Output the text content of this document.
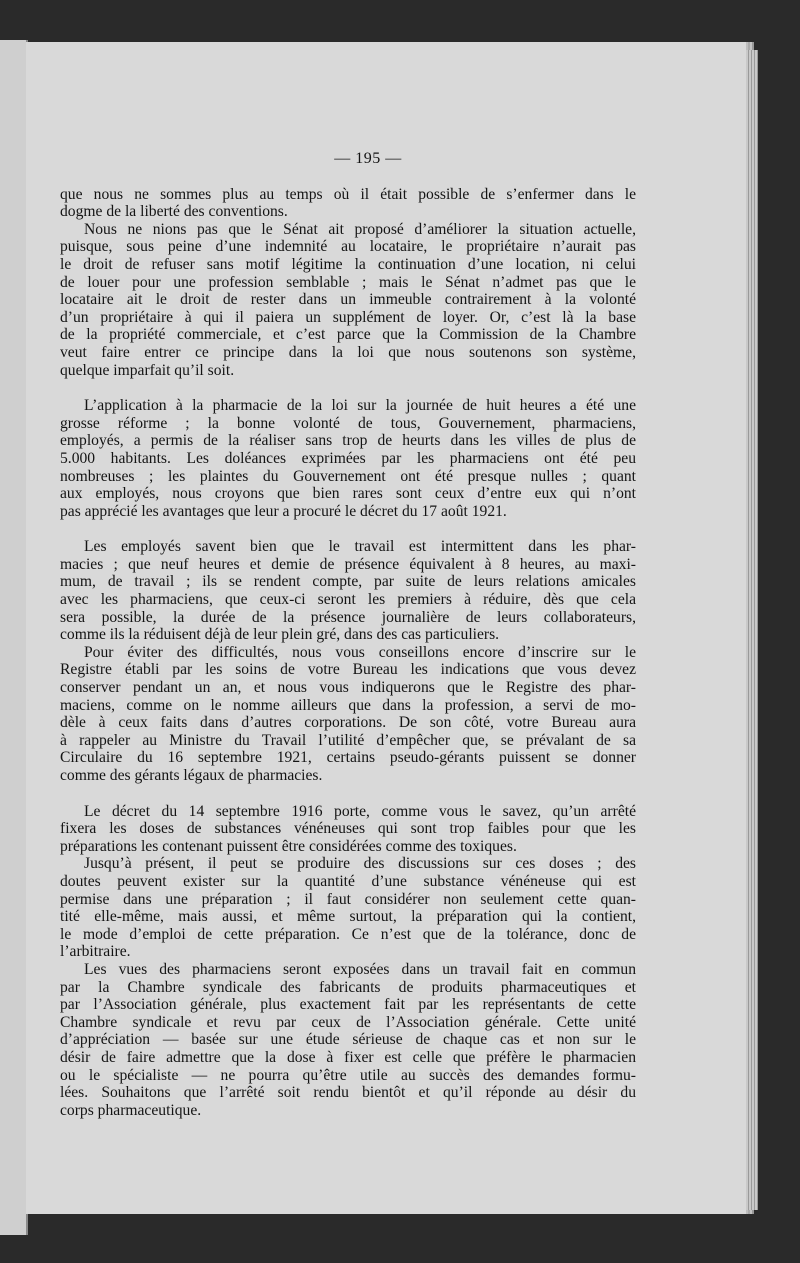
— 195 —

que nous ne sommes plus au temps où il était possible de s’enfermer dans le
dogme de la liberté des conventions.

Nous ne nions pas que le Sénat ait proposé d’améliorer la situation actuelle,
puisque, sous peine d’une indemnité au locataire, le propriétaire n’aurait pas
le droit de refuser sans motif légitime la continuation d’une location, ni celui
de louer pour une profession semblable ; mais le Sénat n’admet pas que le
locataire ait le droit de rester dans un immeuble contrairement à la volonté
d’un propriétaire à qui il paiera un supplément de loyer. Or, c’est là la base
de la propriété commerciale, et c’est parce que la Commission de la Chambre
veut faire entrer ce principe dans la loi que nous soutenons son système,
quelque imparfait qu’il soit.

L’application à la pharmacie de la loi sur la journée de huit heures a été une
grosse réforme ; la bonne volonté de tous, Gouvernement, pharmaciens,
employés, a permis de la réaliser sans trop de heurts dans les villes de plus de
5.000 habitants. Les doléances exprimées par les pharmaciens ont été peu
nombreuses ; les plaintes du Gouvernement ont été presque nulles ; quant
aux employés, nous croyons que bien rares sont ceux d’entre eux qui n’ont
pas apprécié les avantages que leur a procuré le décret du 17 août 1921.

Les employés savent bien que le travail est intermittent dans les phar-
macies ; que neuf heures et demie de présence équivalent à 8 heures, au maxi-
mum, de travail ; ils se rendent compte, par suite de leurs relations amicales
avec les pharmaciens, que ceux-ci seront les premiers à réduire, dès que cela
sera possible, la durée de la présence journalière de leurs collaborateurs,
comme ils la réduisent déjà de leur plein gré, dans des cas particuliers.

Pour éviter des difficultés, nous vous conseillons encore d’inscrire sur le
Registre établi par les soins de votre Bureau les indications que vous devez
conserver pendant un an, et nous vous indiquerons que le Registre des phar-
maciens, comme on le nomme ailleurs que dans la profession, a servi de mo-
dèle à ceux faits dans d’autres corporations. De son côté, votre Bureau aura
à rappeler au Ministre du Travail l’utilité d’empêcher que, se prévalant de sa
Circulaire du 16 septembre 1921, certains pseudo-gérants puissent se donner
comme des gérants légaux de pharmacies.

Le décret du 14 septembre 1916 porte, comme vous le savez, qu’un arrêté
fixera les doses de substances vénéneuses qui sont trop faibles pour que les
préparations les contenant puissent être considérées comme des toxiques.

Jusqu’à présent, il peut se produire des discussions sur ces doses ; des
doutes peuvent exister sur la quantité d’une substance vénéneuse qui est
permise dans une préparation ; il faut considérer non seulement cette quan-
tité elle-même, mais aussi, et même surtout, la préparation qui la contient,
le mode d’emploi de cette préparation. Ce n’est que de la tolérance, donc de
l’arbitraire.

Les vues des pharmaciens seront exposées dans un travail fait en commun
par la Chambre syndicale des fabricants de produits pharmaceutiques et
par l’Association générale, plus exactement fait par les représentants de cette
Chambre syndicale et revu par ceux de l’Association générale. Cette unité
d’appréciation — basée sur une étude sérieuse de chaque cas et non sur le
désir de faire admettre que la dose à fixer est celle que préfère le pharmacien
ou le spécialiste — ne pourra qu’être utile au succès des demandes formu-
lées. Souhaitons que l’arrêté soit rendu bientôt et qu’il réponde au désir du
corps pharmaceutique.
